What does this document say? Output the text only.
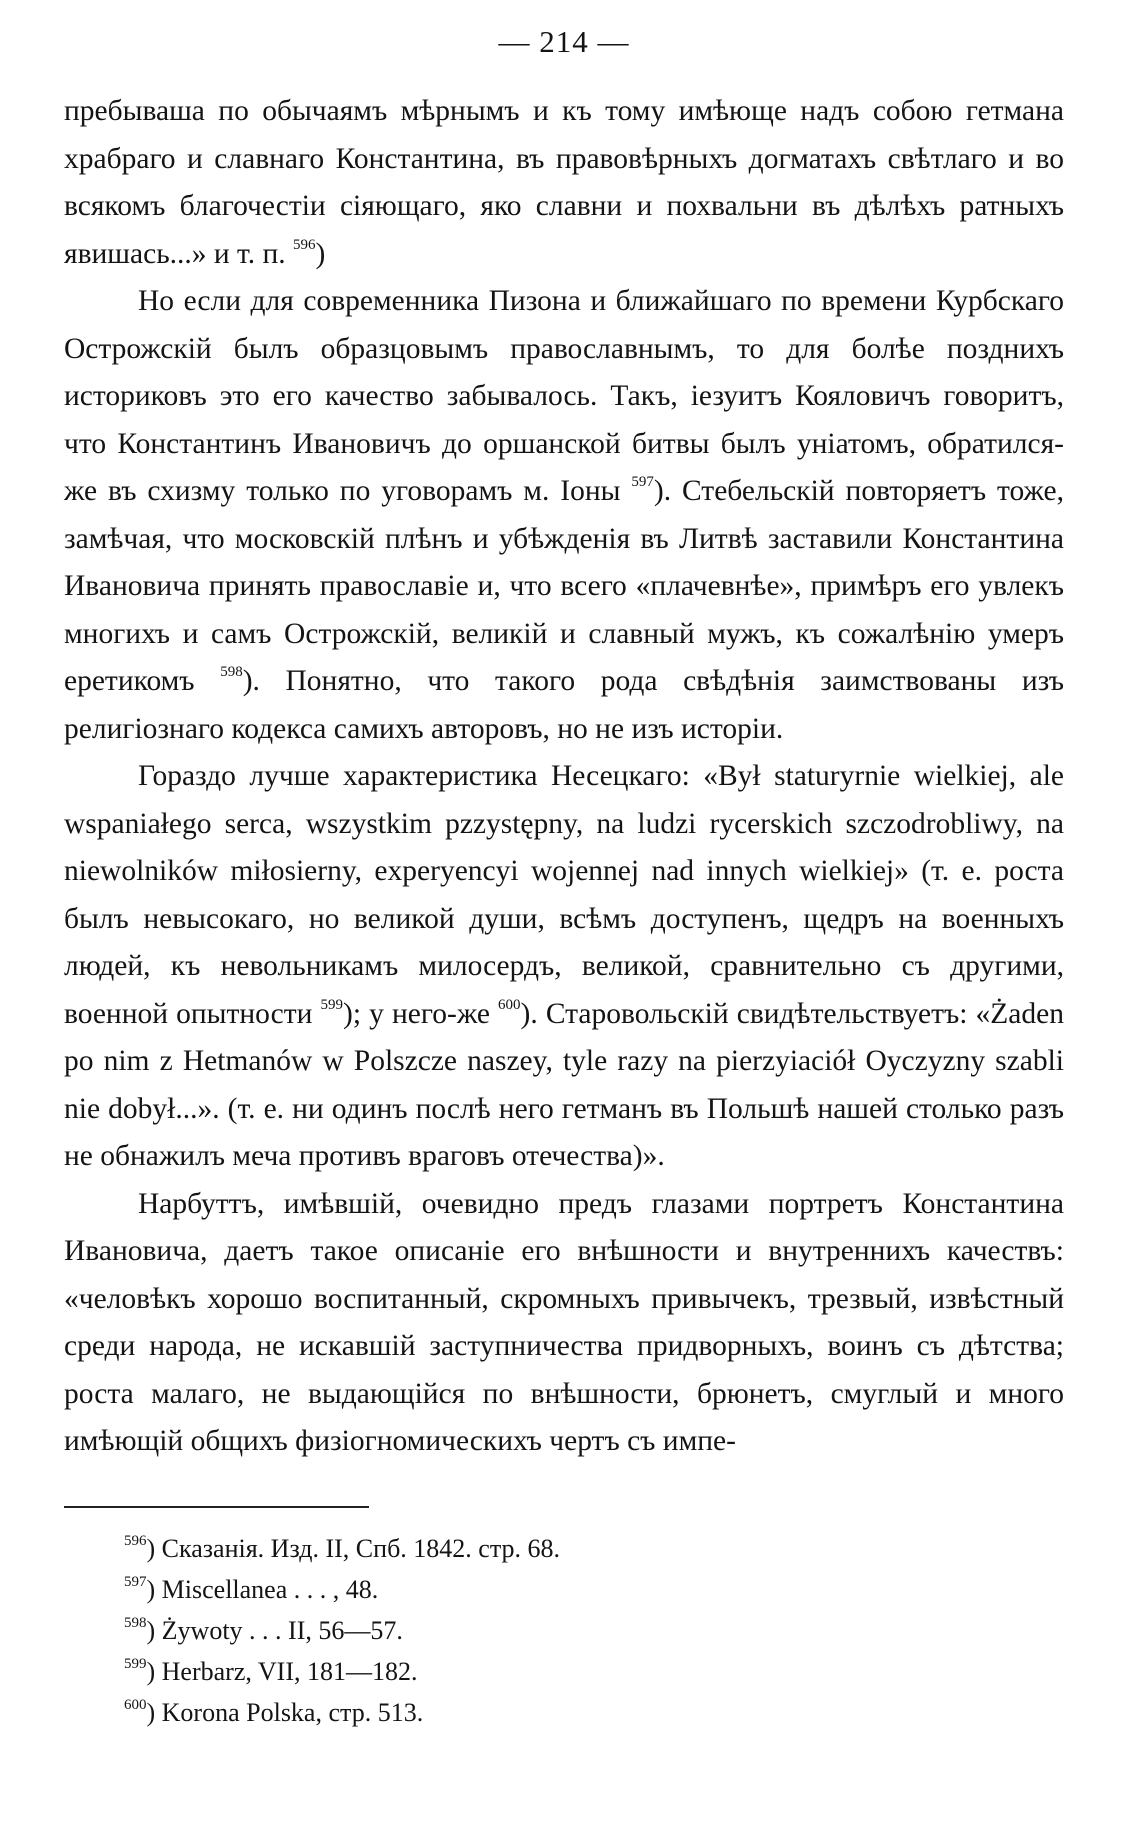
— 214 —

пребываша по обычаямъ мѣрнымъ и къ тому имѣюще надъ собою гетмана храбраго и славнаго Константина, въ правовѣрныхъ догматахъ свѣтлаго и во всякомъ благочестіи сіяющаго, яко славни и похвальни въ дѣлѣхъ ратныхъ явишась...» и т. п. $^{596}$)

Но если для современника Пизона и ближайшаго по времени Курбскаго Острожскій былъ образцовымъ православнымъ, то для болѣе позднихъ историковъ это его качество забывалось. Такъ, іезуитъ Кояловичъ говоритъ, что Константинъ Ивановичъ до оршанской битвы былъ уніатомъ, обратился-же въ схизму только по уговорамъ м. Іоны $^{597}$). Стебельскій повторяетъ тоже, замѣчая, что московскій плѣнъ и убѣжденія въ Литвѣ заставили Константина Ивановича принять православіе и, что всего «плачевнѣе», примѣръ его увлекъ многихъ и самъ Острожскій, великій и славный мужъ, къ сожалѣнію умеръ еретикомъ $^{598}$). Понятно, что такого рода свѣдѣнія заимствованы изъ религіознаго кодекса самихъ авторовъ, но не изъ исторіи.

Гораздо лучше характеристика Несецкаго: «Był staturyrnie wielkiej, ale wspaniałego serca, wszystkim pzzystępny, na ludzi rycerskich szczodrobliwy, na niewolników miłosierny, experyencyi wojennej nad innych wielkiej» (т. е. роста былъ невысокаго, но великой души, всѣмъ доступенъ, щедръ на военныхъ людей, къ невольникамъ милосердъ, великой, сравнительно съ другими, военной опытности $^{599}$); у него-же $^{600}$). Старовольскій свидѣтельствуетъ: «Żaden po nim z Hetmanów w Polszcze naszey, tyle razy na pierzyiaciół Oyczyzny szabli nie dobył...». (т. е. ни одинъ послѣ него гетманъ въ Польшѣ нашей столько разъ не обнажилъ меча противъ враговъ отечества)».

Нарбуттъ, имѣвшій, очевидно предъ глазами портретъ Константина Ивановича, даетъ такое описаніе его внѣшности и внутреннихъ качествъ: «человѣкъ хорошо воспитанный, скромныхъ привычекъ, трезвый, извѣстный среди народа, не искавшій заступничества придворныхъ, воинъ съ дѣтства; роста малаго, не выдающійся по внѣшности, брюнетъ, смуглый и много имѣющій общихъ физіогномическихъ чертъ съ импе-

$^{596}$) Сказанія. Изд. II, Спб. 1842. стр. 68.
$^{597}$) Miscellanea . . . , 48.
$^{598}$) Żywoty . . . II, 56—57.
$^{599}$) Herbarz, VII, 181—182.
$^{600}$) Korona Polska, стр. 513.
